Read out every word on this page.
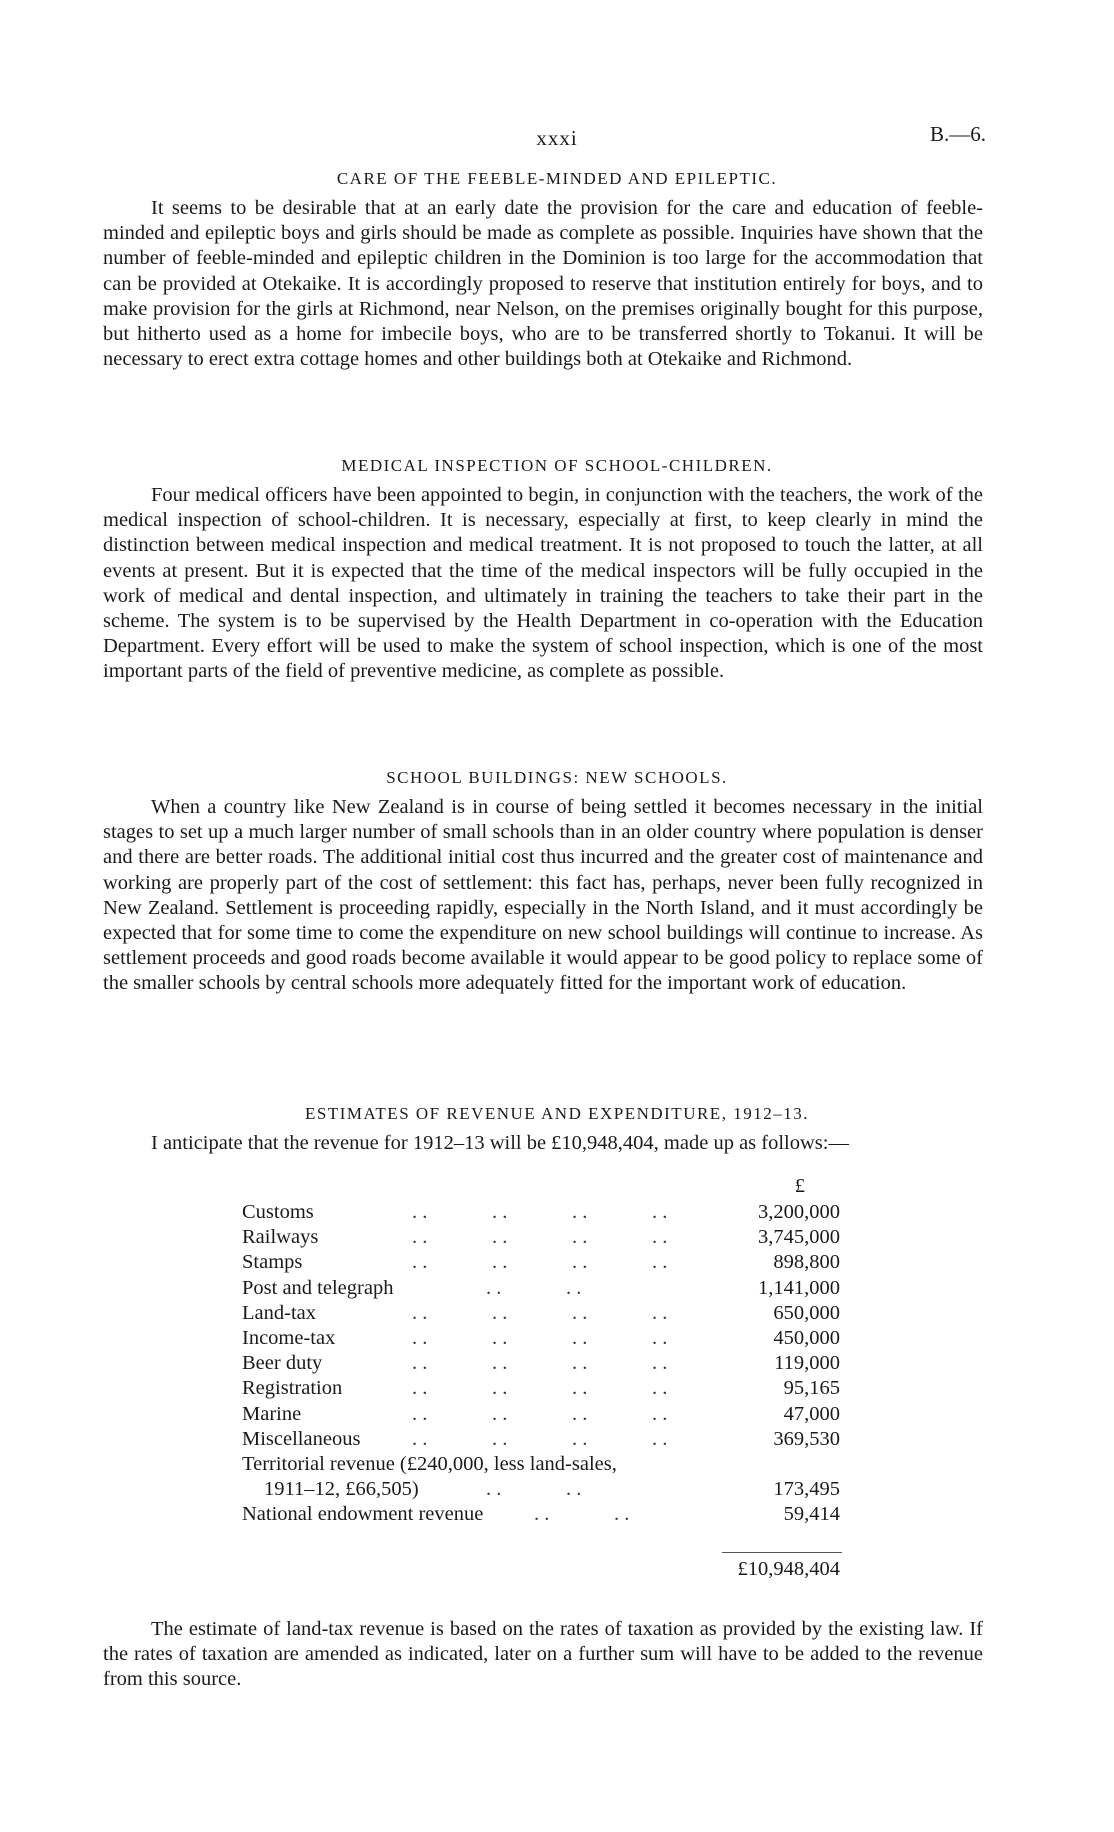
xxxi	B.—6.
CARE OF THE FEEBLE-MINDED AND EPILEPTIC.

It seems to be desirable that at an early date the provision for the care and education of feeble-minded and epileptic boys and girls should be made as complete as possible. Inquiries have shown that the number of feeble-minded and epileptic children in the Dominion is too large for the accommodation that can be provided at Otekaike. It is accordingly proposed to reserve that institution entirely for boys, and to make provision for the girls at Richmond, near Nelson, on the premises originally bought for this purpose, but hitherto used as a home for imbecile boys, who are to be transferred shortly to Tokanui. It will be necessary to erect extra cottage homes and other buildings both at Otekaike and Richmond.

MEDICAL INSPECTION OF SCHOOL-CHILDREN.

Four medical officers have been appointed to begin, in conjunction with the teachers, the work of the medical inspection of school-children. It is necessary, especially at first, to keep clearly in mind the distinction between medical inspection and medical treatment. It is not proposed to touch the latter, at all events at present. But it is expected that the time of the medical inspectors will be fully occupied in the work of medical and dental inspection, and ultimately in training the teachers to take their part in the scheme. The system is to be supervised by the Health Department in co-operation with the Education Department. Every effort will be used to make the system of school inspection, which is one of the most important parts of the field of preventive medicine, as complete as possible.

SCHOOL BUILDINGS: NEW SCHOOLS.

When a country like New Zealand is in course of being settled it becomes necessary in the initial stages to set up a much larger number of small schools than in an older country where population is denser and there are better roads. The additional initial cost thus incurred and the greater cost of maintenance and working are properly part of the cost of settlement: this fact has, perhaps, never been fully recognized in New Zealand. Settlement is proceeding rapidly, especially in the North Island, and it must accordingly be expected that for some time to come the expenditure on new school buildings will continue to increase. As settlement proceeds and good roads become available it would appear to be good policy to replace some of the smaller schools by central schools more adequately fitted for the important work of education.

ESTIMATES OF REVENUE AND EXPENDITURE, 1912–13.

I anticipate that the revenue for 1912–13 will be £10,948,404, made up as follows:—

£
Customs	. .	. .	. .	. .	3,200,000
Railways	. .	. .	. .	. .	3,745,000
Stamps	. .	. .	. .	. .	898,800
Post and telegraph	. .	. .	1,141,000
Land-tax	. .	. .	. .	. .	650,000
Income-tax	. .	. .	. .	. .	450,000
Beer duty	. .	. .	. .	. .	119,000
Registration	. .	. .	. .	. .	95,165
Marine	. .	. .	. .	. .	47,000
Miscellaneous	. .	. .	. .	. .	369,530
Territorial revenue (£240,000, less land-sales,
1911–12, £66,505)	. .	. .	173,495
National endowment revenue . .	. .	59,414
£10,948,404

The estimate of land-tax revenue is based on the rates of taxation as provided by the existing law. If the rates of taxation are amended as indicated, later on a further sum will have to be added to the revenue from this source.
